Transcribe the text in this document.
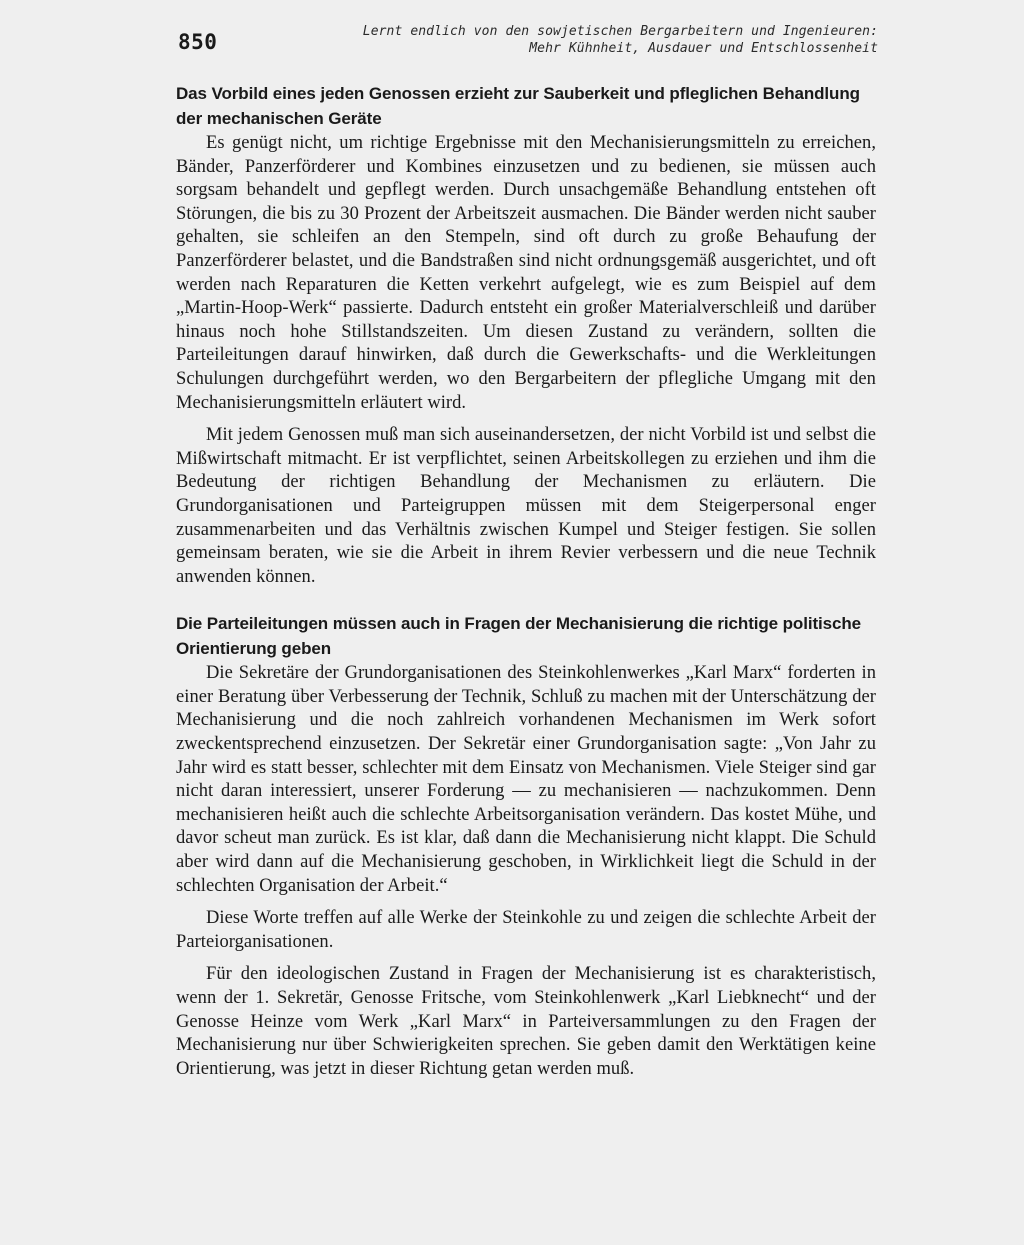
850	Lernt endlich von den sowjetischen Bergarbeitern und Ingenieuren:
Mehr Kühnheit, Ausdauer und Entschlossenheit
Das Vorbild eines jeden Genossen erzieht zur Sauberkeit und pfleglichen Behandlung der mechanischen Geräte

Es genügt nicht, um richtige Ergebnisse mit den Mechanisierungsmitteln zu erreichen, Bänder, Panzerförderer und Kombines einzusetzen und zu bedienen, sie müssen auch sorgsam behandelt und gepflegt werden. Durch unsachgemäße Behandlung entstehen oft Störungen, die bis zu 30 Prozent der Arbeitszeit ausmachen. Die Bänder werden nicht sauber gehalten, sie schleifen an den Stempeln, sind oft durch zu große Behaufung der Panzerförderer belastet, und die Bandstraßen sind nicht ordnungsgemäß ausgerichtet, und oft werden nach Reparaturen die Ketten verkehrt aufgelegt, wie es zum Beispiel auf dem „Martin-Hoop-Werk“ passierte. Dadurch entsteht ein großer Materialverschleiß und darüber hinaus noch hohe Stillstandszeiten. Um diesen Zustand zu verändern, sollten die Parteileitungen darauf hinwirken, daß durch die Gewerkschafts- und die Werkleitungen Schulungen durchgeführt werden, wo den Bergarbeitern der pflegliche Umgang mit den Mechanisierungsmitteln erläutert wird.

Mit jedem Genossen muß man sich auseinandersetzen, der nicht Vorbild ist und selbst die Mißwirtschaft mitmacht. Er ist verpflichtet, seinen Arbeitskollegen zu erziehen und ihm die Bedeutung der richtigen Behandlung der Mechanismen zu erläutern. Die Grundorganisationen und Parteigruppen müssen mit dem Steigerpersonal enger zusammenarbeiten und das Verhältnis zwischen Kumpel und Steiger festigen. Sie sollen gemeinsam beraten, wie sie die Arbeit in ihrem Revier verbessern und die neue Technik anwenden können.

Die Parteileitungen müssen auch in Fragen der Mechanisierung die richtige politische Orientierung geben

Die Sekretäre der Grundorganisationen des Steinkohlenwerkes „Karl Marx“ forderten in einer Beratung über Verbesserung der Technik, Schluß zu machen mit der Unterschätzung der Mechanisierung und die noch zahlreich vorhandenen Mechanismen im Werk sofort zweckentsprechend einzusetzen. Der Sekretär einer Grundorganisation sagte: „Von Jahr zu Jahr wird es statt besser, schlechter mit dem Einsatz von Mechanismen. Viele Steiger sind gar nicht daran interessiert, unserer Forderung — zu mechanisieren — nachzukommen. Denn mechanisieren heißt auch die schlechte Arbeitsorganisation verändern. Das kostet Mühe, und davor scheut man zurück. Es ist klar, daß dann die Mechanisierung nicht klappt. Die Schuld aber wird dann auf die Mechanisierung geschoben, in Wirklichkeit liegt die Schuld in der schlechten Organisation der Arbeit.“

Diese Worte treffen auf alle Werke der Steinkohle zu und zeigen die schlechte Arbeit der Parteiorganisationen.

Für den ideologischen Zustand in Fragen der Mechanisierung ist es charakteristisch, wenn der 1. Sekretär, Genosse Fritsche, vom Steinkohlenwerk „Karl Liebknecht“ und der Genosse Heinze vom Werk „Karl Marx“ in Parteiversammlungen zu den Fragen der Mechanisierung nur über Schwierigkeiten sprechen. Sie geben damit den Werktätigen keine Orientierung, was jetzt in dieser Richtung getan werden muß.
